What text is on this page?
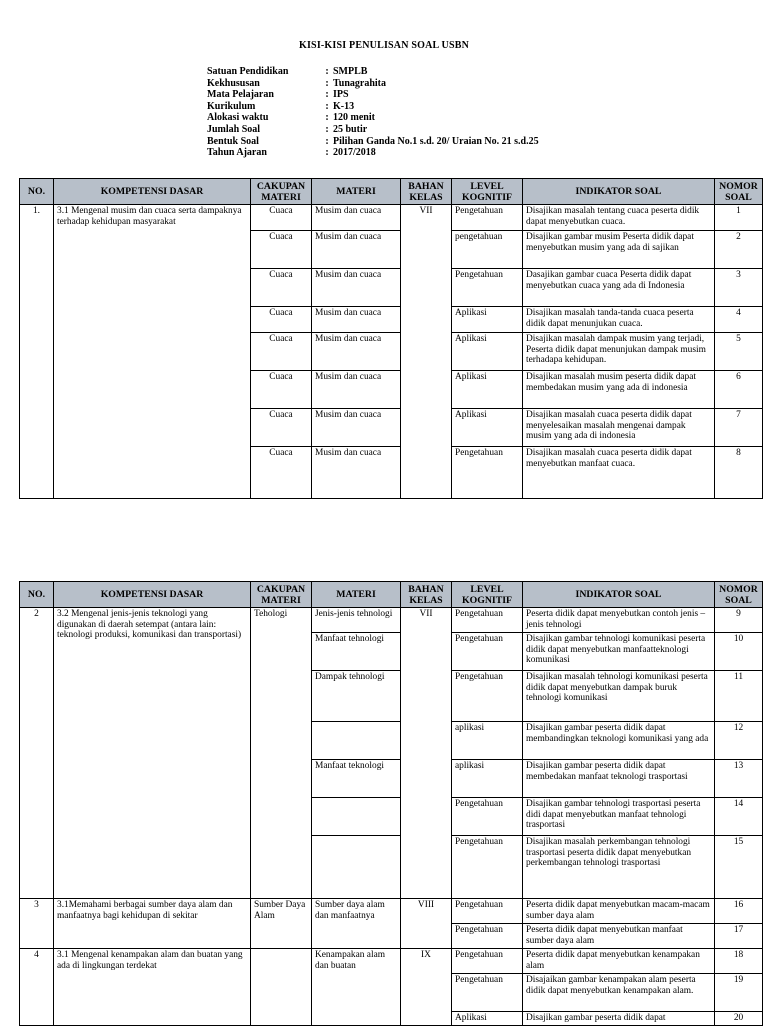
KISI-KISI PENULISAN SOAL USBN
Satuan Pendidikan	:	SMPLB
Kekhususan	:	Tunagrahita
Mata Pelajaran	:	IPS
Kurikulum	:	K-13
Alokasi waktu	:	120 menit
Jumlah Soal	:	25 butir
Bentuk Soal	:	Pilihan Ganda No.1 s.d. 20/ Uraian No. 21 s.d.25
Tahun Ajaran	:	2017/2018
NO.	KOMPETENSI DASAR	CAKUPAN MATERI	MATERI	BAHAN KELAS	LEVEL KOGNITIF	INDIKATOR SOAL	NOMOR SOAL
1.	3.1 Mengenal musim dan cuaca serta dampaknya terhadap kehidupan masyarakat	Cuaca	Musim dan cuaca	VII	Pengetahuan	Disajikan masalah tentang cuaca peserta didik dapat menyebutkan cuaca.	1
		Cuaca	Musim dan cuaca		pengetahuan	Disajikan gambar musim Peserta didik dapat menyebutkan musim yang ada di sajikan	2
		Cuaca	Musim dan cuaca		Pengetahuan	Dasajikan gambar cuaca Peserta didik dapat menyebutkan cuaca yang ada di Indonesia	3
		Cuaca	Musim dan cuaca		Aplikasi	Disajikan masalah tanda-tanda cuaca peserta didik dapat menunjukan cuaca.	4
		Cuaca	Musim dan cuaca		Aplikasi	Disajikan masalah dampak musim yang terjadi, Peserta didik dapat menunjukan dampak musim terhadapa kehidupan.	5
		Cuaca	Musim dan cuaca		Aplikasi	Disajikan masalah musim peserta didik dapat membedakan musim yang ada di indonesia	6
		Cuaca	Musim dan cuaca		Aplikasi	Disajikan masalah cuaca peserta didik dapat menyelesaikan masalah mengenai dampak musim yang ada di indonesia	7
		Cuaca	Musim dan cuaca		Pengetahuan	Disajikan masalah cuaca peserta didik dapat menyebutkan manfaat cuaca.	8
NO.	KOMPETENSI DASAR	CAKUPAN MATERI	MATERI	BAHAN KELAS	LEVEL KOGNITIF	INDIKATOR SOAL	NOMOR SOAL
2	3.2 Mengenal jenis-jenis teknologi yang digunakan di daerah setempat (antara lain: teknologi produksi, komunikasi dan transportasi)	Tehologi	Jenis-jenis tehnologi	VII	Pengetahuan	Peserta didik dapat menyebutkan contoh jenis – jenis tehnologi	9
			Manfaat tehnologi		Pengetahuan	Disajikan gambar tehnologi komunikasi peserta didik dapat menyebutkan manfaatteknologi komunikasi	10
			Dampak tehnologi		Pengetahuan	Disajikan masalah tehnologi komunikasi peserta didik dapat menyebutkan dampak buruk tehnologi komunikasi	11
					aplikasi	Disajikan gambar peserta didik dapat membandingkan teknologi komunikasi yang ada	12
			Manfaat teknologi		aplikasi	Disajikan gambar peserta didik dapat membedakan manfaat teknologi trasportasi	13
					Pengetahuan	Disajikan gambar tehnologi trasportasi peserta didi dapat menyebutkan manfaat tehnologi trasportasi	14
					Pengetahuan	Disajikan masalah perkembangan tehnologi trasportasi peserta didik dapat menyebutkan perkembangan tehnologi trasportasi	15
3	3.1Memahami berbagai sumber daya alam dan manfaatnya bagi kehidupan di sekitar	Sumber Daya Alam	Sumber daya alam dan manfaatnya	VIII	Pengetahuan	Peserta didik dapat menyebutkan macam-macam sumber daya alam	16
					Pengetahuan	Peserta didik dapat menyebutkan manfaat sumber daya alam	17
4	3.1 Mengenal kenampakan alam dan buatan yang ada di lingkungan terdekat		Kenampakan alam dan buatan	IX	Pengetahuan	Peserta didik dapat menyebutkan kenampakan alam	18
					Pengetahuan	Disajaikan gambar kenampakan alam peserta didik dapat menyebutkan kenampakan alam.	19
					Aplikasi	Disajikan gambar peserta didik dapat	20
